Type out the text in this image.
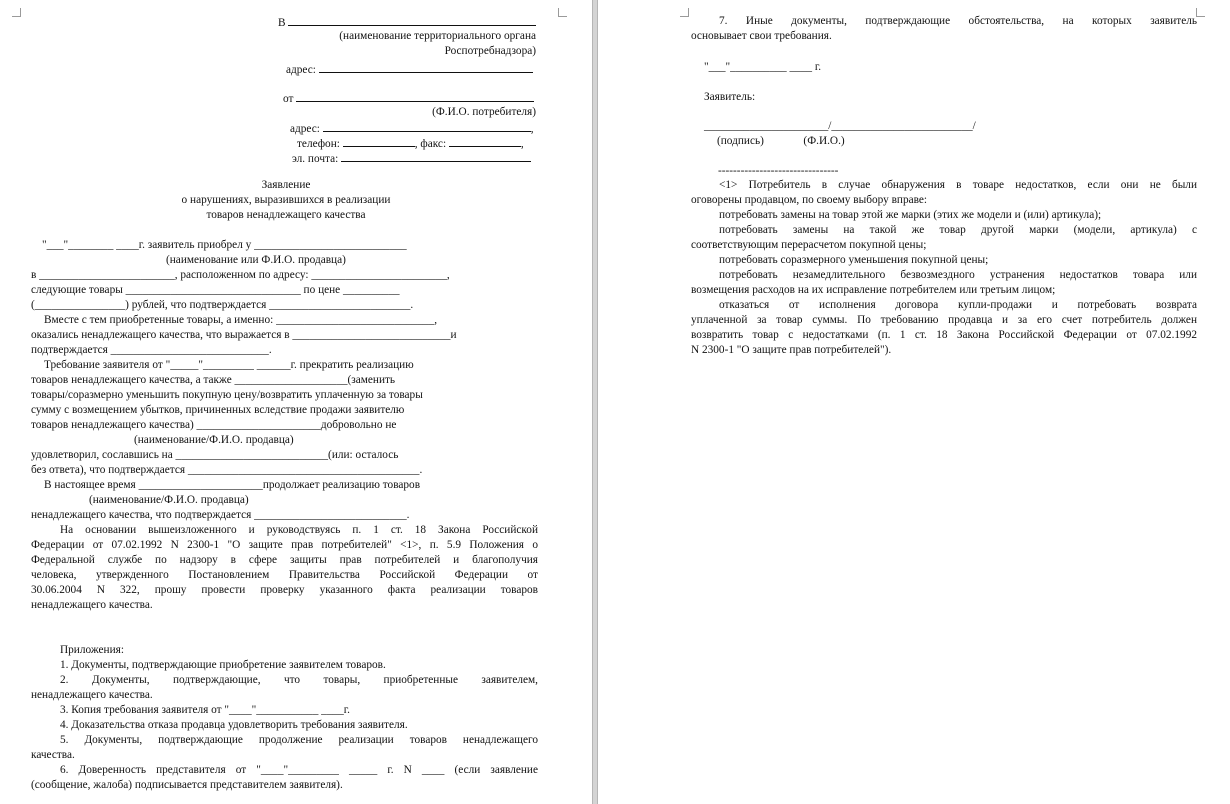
В
(наименование территориального органа
Роспотребнадзора)
адрес:
от
(Ф.И.О. потребителя)
адрес:	,
телефон:	, факс:	,
эл. почта:
Заявление
о нарушениях, выразившихся в реализации
товаров ненадлежащего качества
"___"________ ____г. заявитель приобрел у ___________________________
(наименование или Ф.И.О. продавца)
в ________________________, расположенном по адресу: ________________________,
следующие товары _______________________________ по цене __________
(________________) рублей, что подтверждается _________________________.
Вместе с тем приобретенные товары, а именно: ____________________________,
оказались ненадлежащего качества, что выражается в ____________________________и
подтверждается ____________________________.
Требование заявителя от "_____"_________ ______г. прекратить реализацию
товаров ненадлежащего качества, а также ____________________(заменить
товары/соразмерно уменьшить покупную цену/возвратить уплаченную за товары
сумму с возмещением убытков, причиненных вследствие продажи заявителю
товаров ненадлежащего качества) ______________________добровольно не
(наименование/Ф.И.О. продавца)
удовлетворил, сославшись на ___________________________(или: осталось
без ответа), что подтверждается _________________________________________.
В настоящее время ______________________продолжает реализацию товаров
(наименование/Ф.И.О. продавца)
ненадлежащего качества, что подтверждается ___________________________.
На основании вышеизложенного и руководствуясь п. 1 ст. 18 Закона Российской
Федерации от 07.02.1992 N 2300-1 "О защите прав потребителей" <1>, п. 5.9 Положения о
Федеральной службе по надзору в сфере защиты прав потребителей и благополучия
человека, утвержденного Постановлением Правительства Российской Федерации от
30.06.2004 N 322, прошу провести проверку указанного факта реализации товаров
ненадлежащего качества.
Приложения:
1. Документы, подтверждающие приобретение заявителем товаров.
2. Документы, подтверждающие, что товары, приобретенные заявителем,
ненадлежащего качества.
3. Копия требования заявителя от "____"___________ ____г.
4. Доказательства отказа продавца удовлетворить требования заявителя.
5. Документы, подтверждающие продолжение реализации товаров ненадлежащего
качества.
6. Доверенность представителя от "____"_________ _____ г. N ____ (если заявление
(сообщение, жалоба) подписывается представителем заявителя).
7. Иные документы, подтверждающие обстоятельства, на которых заявитель
основывает свои требования.
"___"__________ ____ г.
Заявитель:
______________________/_________________________/
(подпись)              (Ф.И.О.)
--------------------------------
<1> Потребитель в случае обнаружения в товаре недостатков, если они не были
оговорены продавцом, по своему выбору вправе:
потребовать замены на товар этой же марки (этих же модели и (или) артикула);
потребовать замены на такой же товар другой марки (модели, артикула) с
соответствующим перерасчетом покупной цены;
потребовать соразмерного уменьшения покупной цены;
потребовать незамедлительного безвозмездного устранения недостатков товара или
возмещения расходов на их исправление потребителем или третьим лицом;
отказаться от исполнения договора купли-продажи и потребовать возврата
уплаченной за товар суммы. По требованию продавца и за его счет потребитель должен
возвратить товар с недостатками (п. 1 ст. 18 Закона Российской Федерации от 07.02.1992
N 2300-1 "О защите прав потребителей").
